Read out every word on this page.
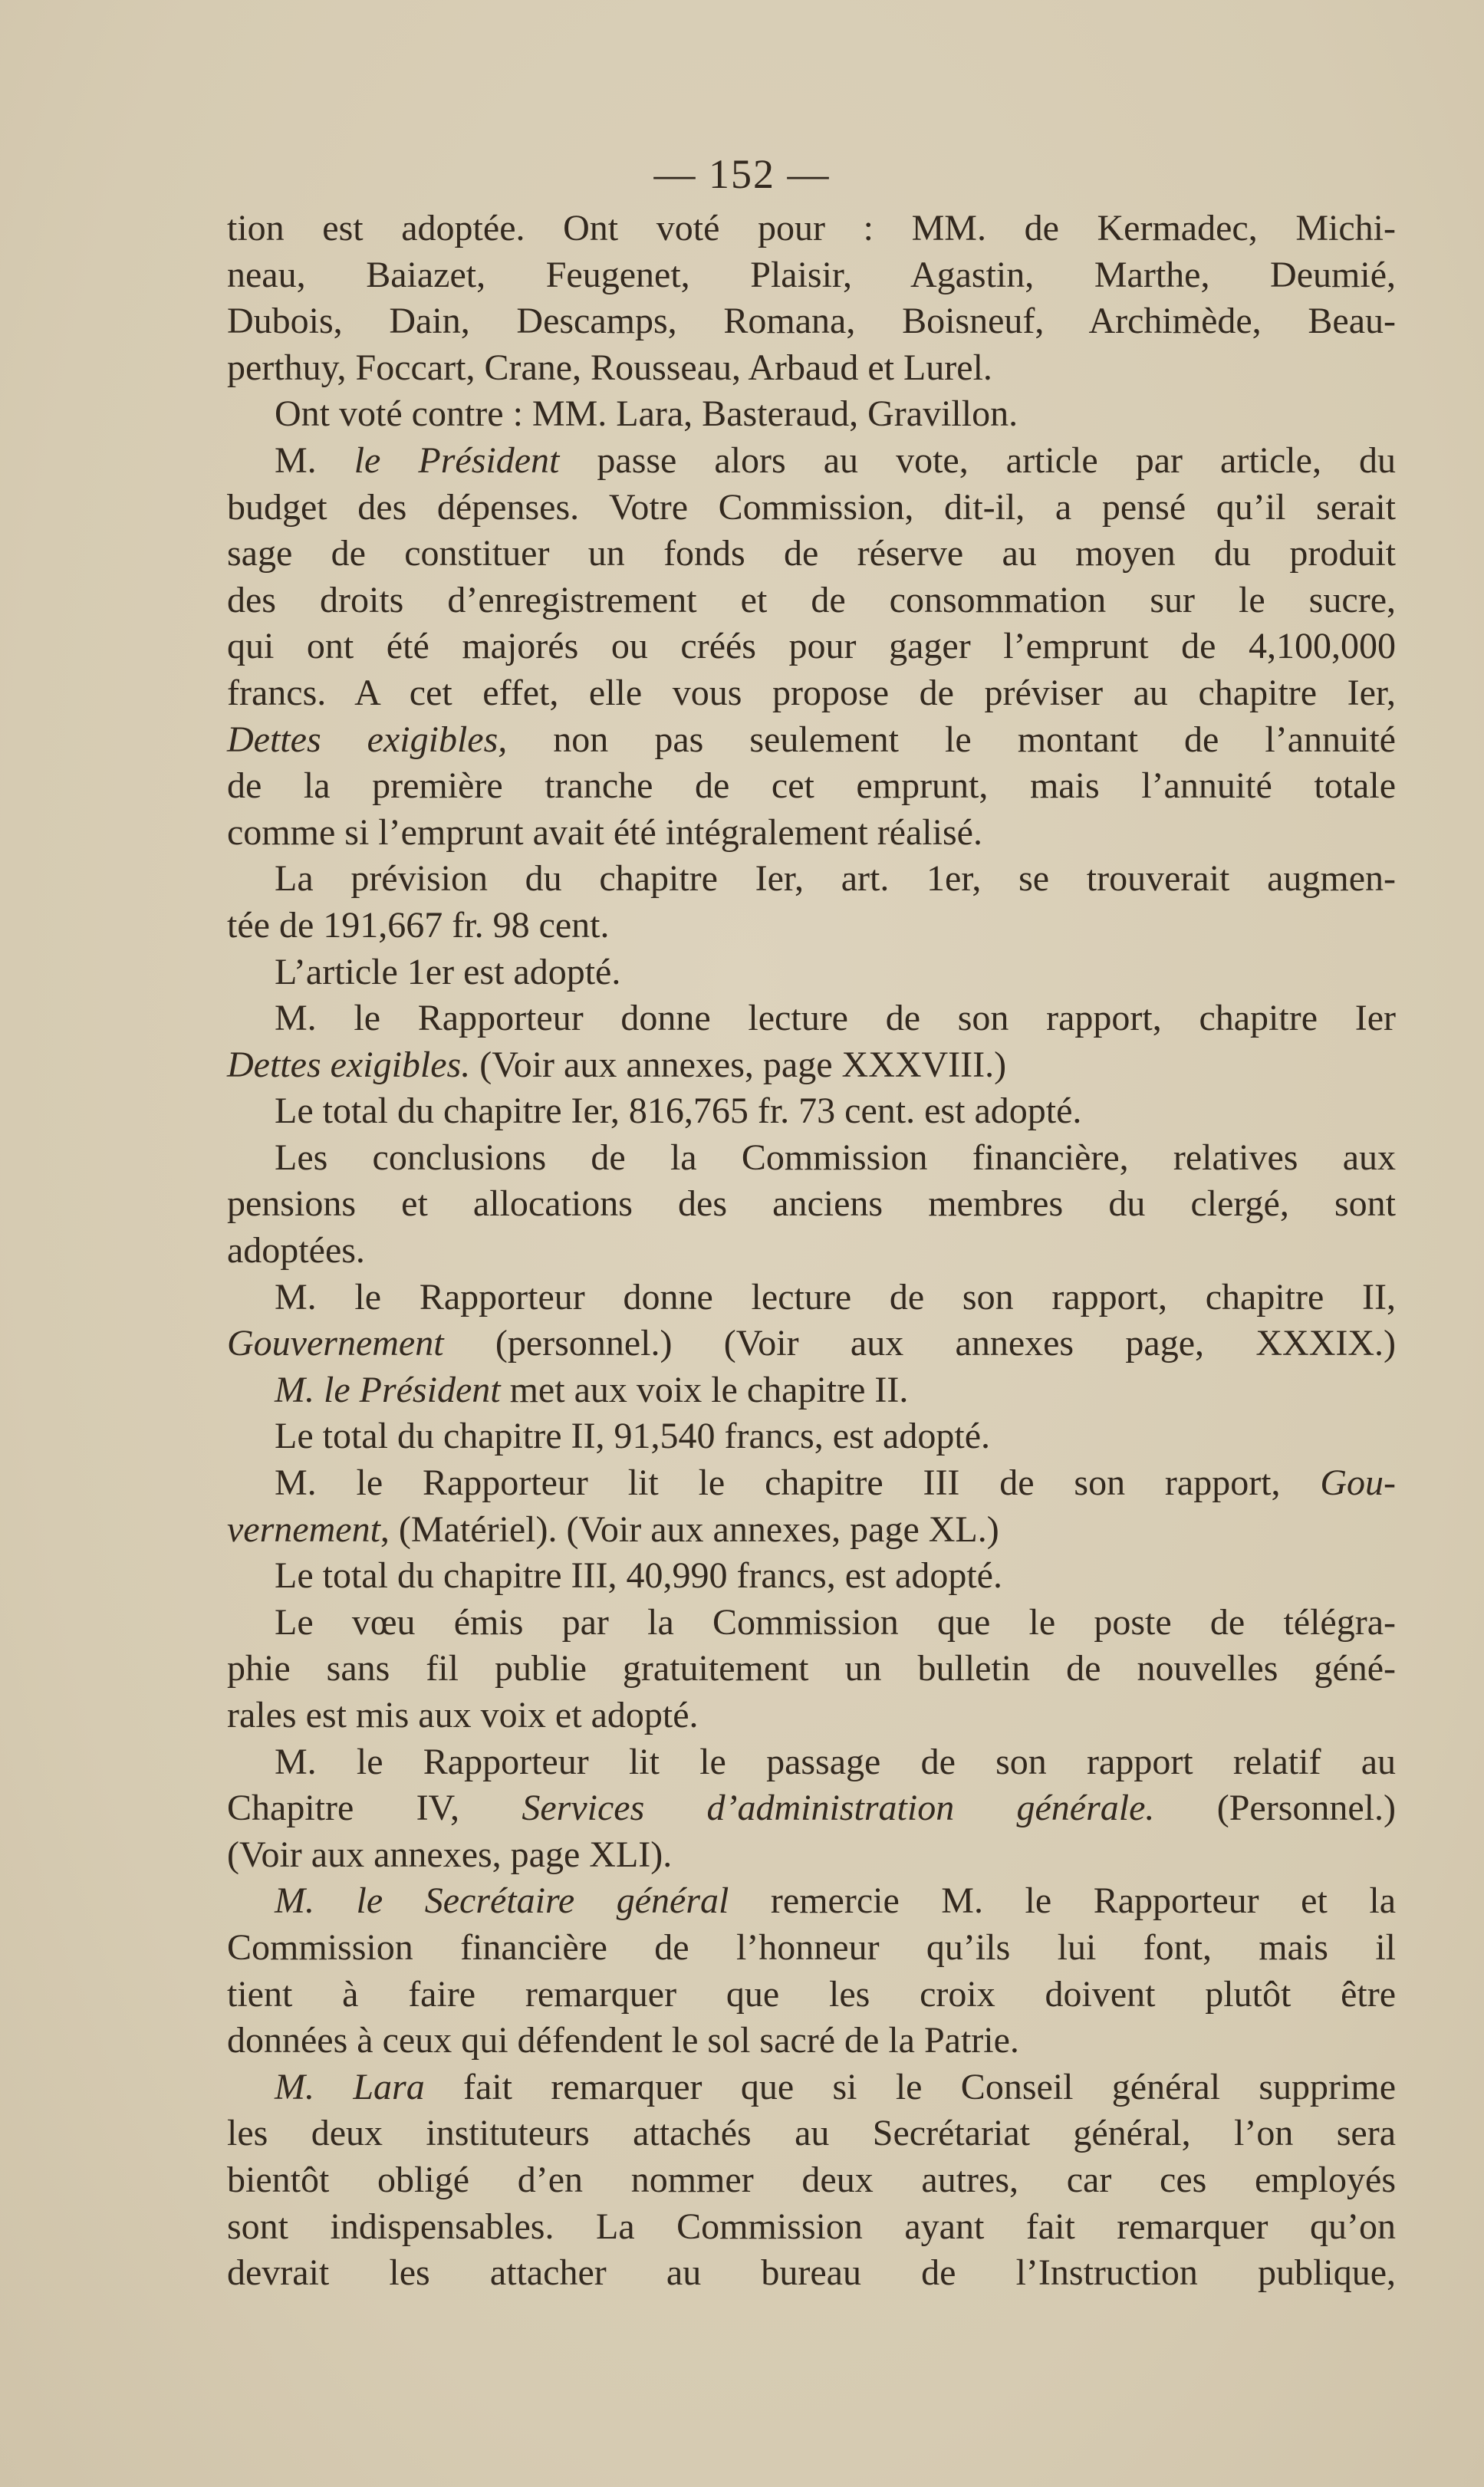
— 152 —
tion est adoptée. Ont voté pour : MM. de Kermadec, Michi-
neau, Baiazet, Feugenet, Plaisir, Agastin, Marthe, Deumié,
Dubois, Dain, Descamps, Romana, Boisneuf, Archimède, Beau-
perthuy, Foccart, Crane, Rousseau, Arbaud et Lurel.
Ont voté contre : MM. Lara, Basteraud, Gravillon.
M. le Président passe alors au vote, article par article, du
budget des dépenses. Votre Commission, dit-il, a pensé qu’il serait
sage de constituer un fonds de réserve au moyen du produit
des droits d’enregistrement et de consommation sur le sucre,
qui ont été majorés ou créés pour gager l’emprunt de 4,100,000
francs. A cet effet, elle vous propose de préviser au chapitre Ier,
Dettes exigibles, non pas seulement le montant de l’annuité
de la première tranche de cet emprunt, mais l’annuité totale
comme si l’emprunt avait été intégralement réalisé.
La prévision du chapitre Ier, art. 1er, se trouverait augmen-
tée de 191,667 fr. 98 cent.
L’article 1er est adopté.
M. le Rapporteur donne lecture de son rapport, chapitre Ier
Dettes exigibles. (Voir aux annexes, page XXXVIII.)
Le total du chapitre Ier, 816,765 fr. 73 cent. est adopté.
Les conclusions de la Commission financière, relatives aux
pensions et allocations des anciens membres du clergé, sont
adoptées.
M. le Rapporteur donne lecture de son rapport, chapitre II,
Gouvernement (personnel.) (Voir aux annexes page, XXXIX.)
M. le Président met aux voix le chapitre II.
Le total du chapitre II, 91,540 francs, est adopté.
M. le Rapporteur lit le chapitre III de son rapport, Gou-
vernement, (Matériel). (Voir aux annexes, page XL.)
Le total du chapitre III, 40,990 francs, est adopté.
Le vœu émis par la Commission que le poste de télégra-
phie sans fil publie gratuitement un bulletin de nouvelles géné-
rales est mis aux voix et adopté.
M. le Rapporteur lit le passage de son rapport relatif au
Chapitre IV, Services d’administration générale. (Personnel.)
(Voir aux annexes, page XLI).
M. le Secrétaire général remercie M. le Rapporteur et la
Commission financière de l’honneur qu’ils lui font, mais il
tient à faire remarquer que les croix doivent plutôt être
données à ceux qui défendent le sol sacré de la Patrie.
M. Lara fait remarquer que si le Conseil général supprime
les deux instituteurs attachés au Secrétariat général, l’on sera
bientôt obligé d’en nommer deux autres, car ces employés
sont indispensables. La Commission ayant fait remarquer qu’on
devrait les attacher au bureau de l’Instruction publique,
